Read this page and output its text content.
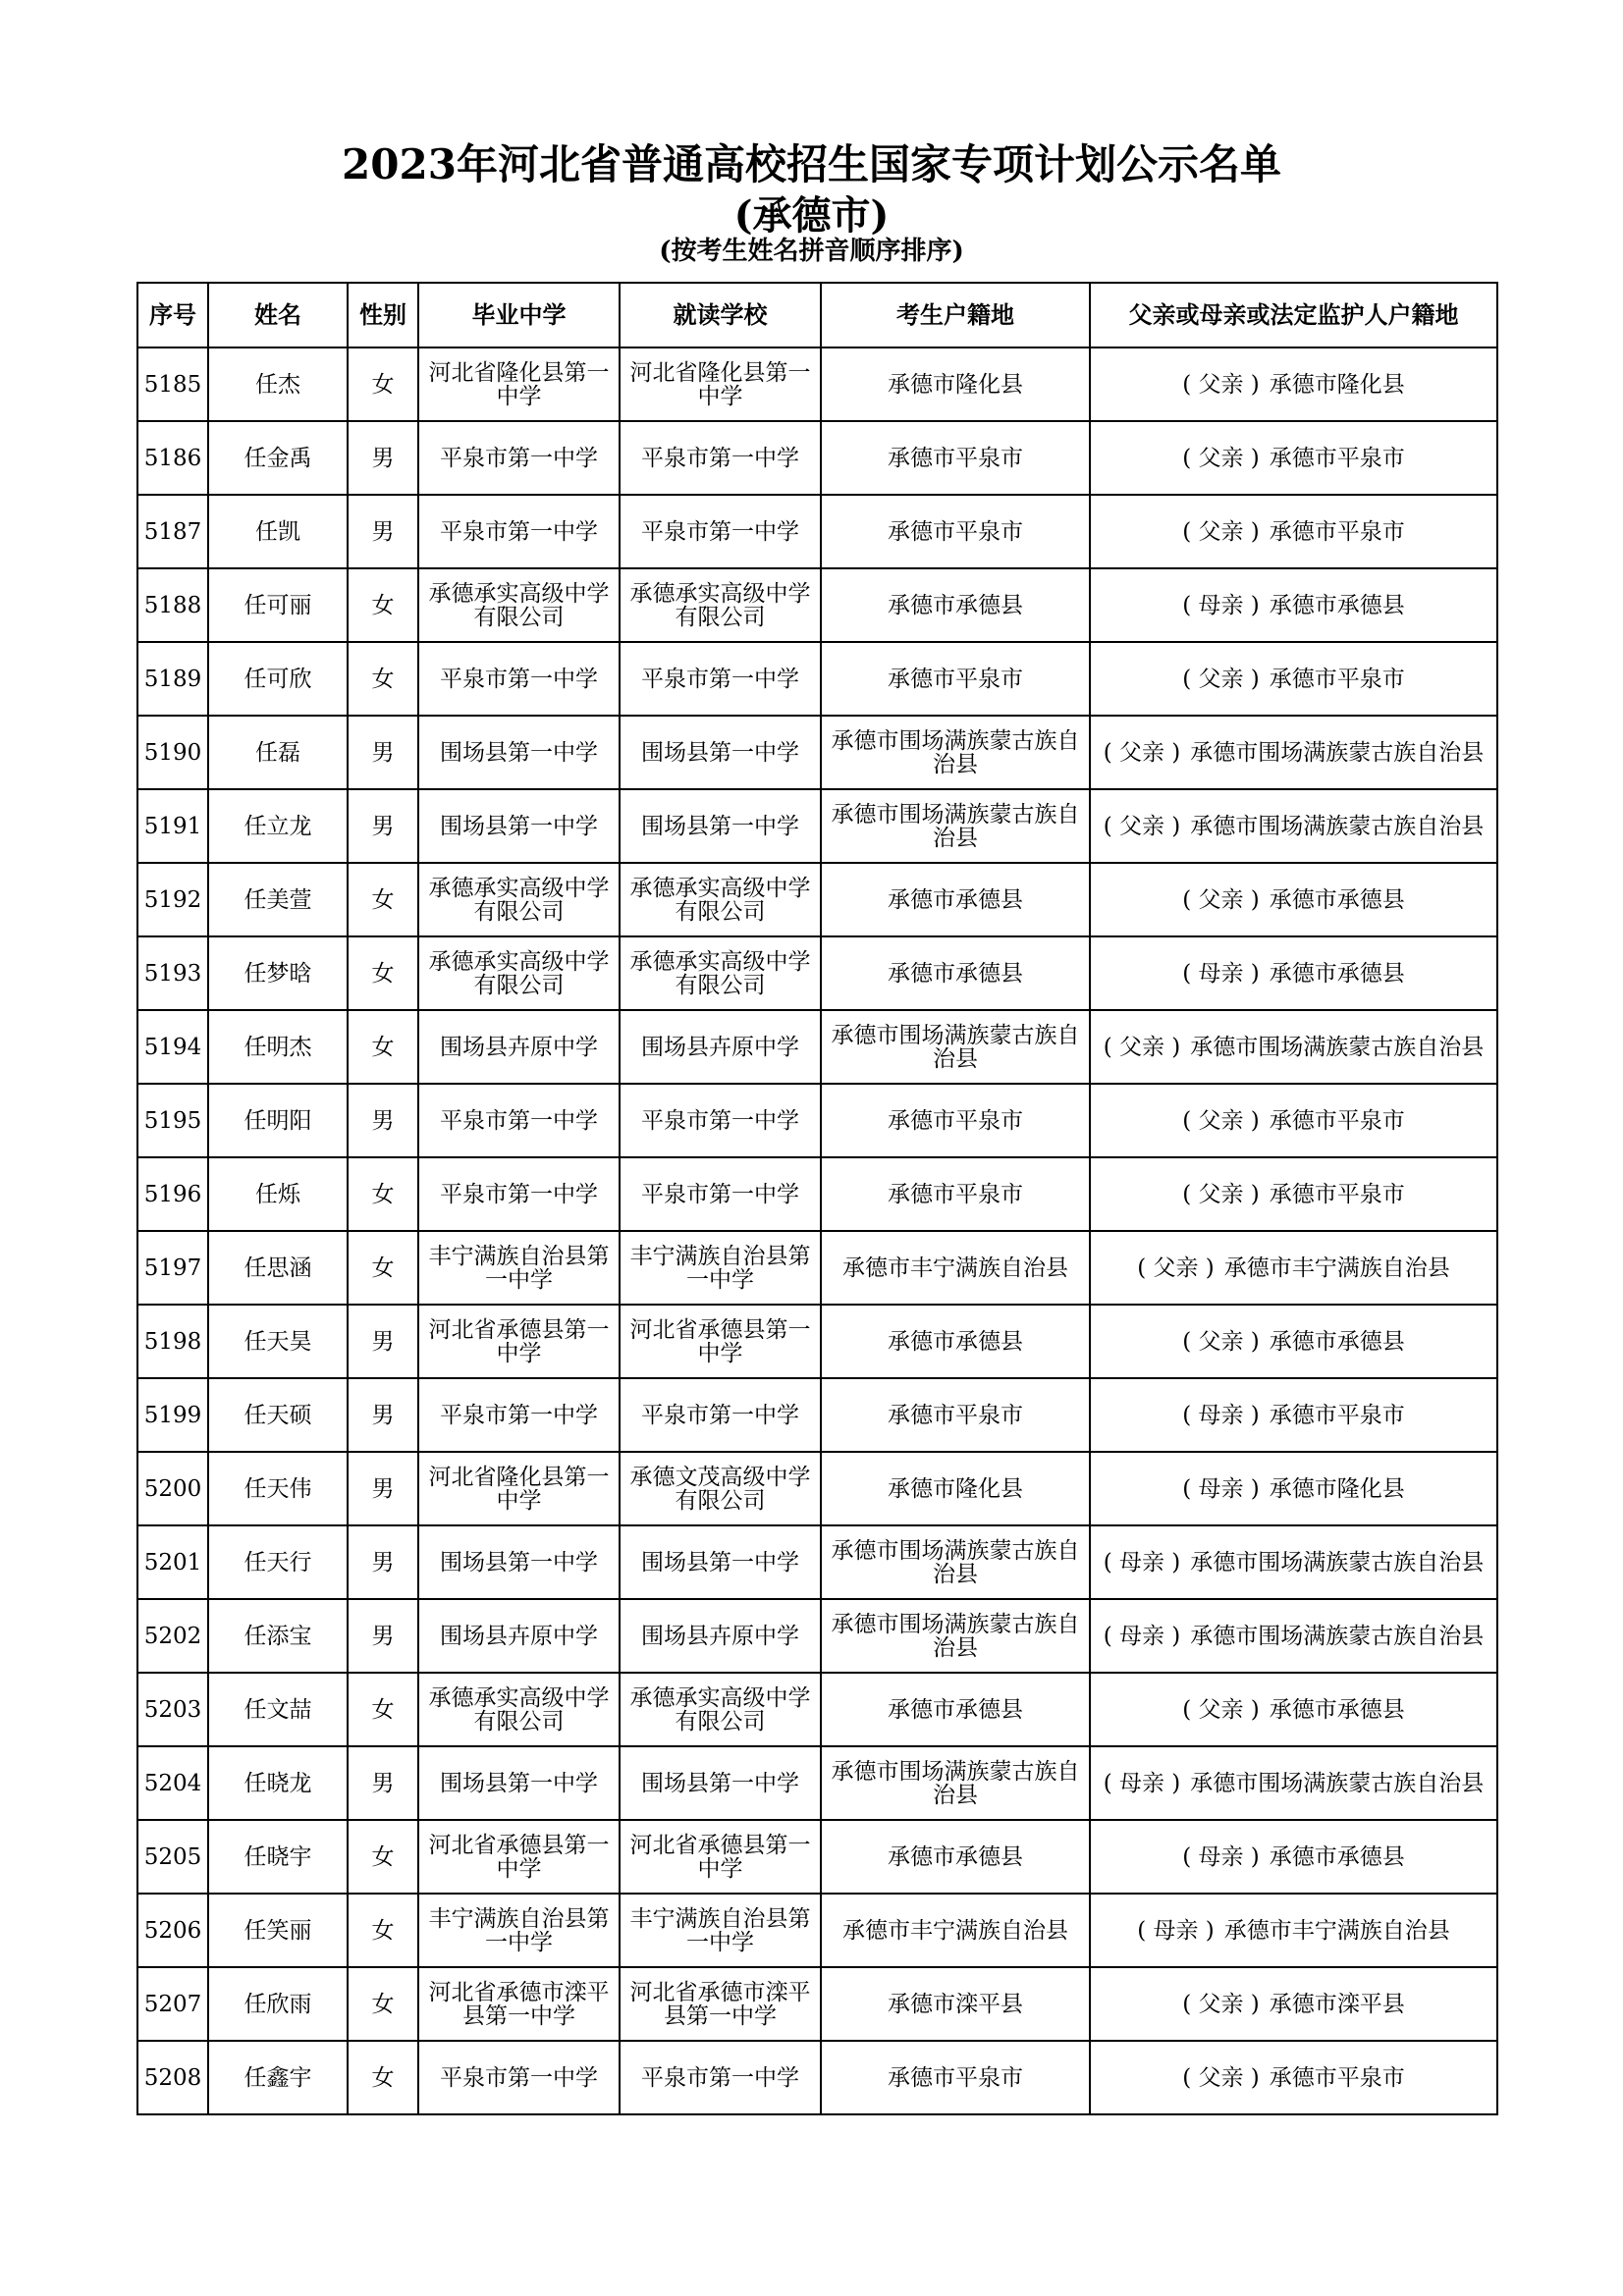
2023年河北省普通高校招生国家专项计划公示名单
(承德市)
(按考生姓名拼音顺序排序)
序号	姓名	性别	毕业中学	就读学校	考生户籍地	父亲或母亲或法定监护人户籍地
5185	任杰	女	河北省隆化县第一中学	河北省隆化县第一中学	承德市隆化县	( 父亲 ) 承德市隆化县
5186	任金禹	男	平泉市第一中学	平泉市第一中学	承德市平泉市	( 父亲 ) 承德市平泉市
5187	任凯	男	平泉市第一中学	平泉市第一中学	承德市平泉市	( 父亲 ) 承德市平泉市
5188	任可丽	女	承德承实高级中学有限公司	承德承实高级中学有限公司	承德市承德县	( 母亲 ) 承德市承德县
5189	任可欣	女	平泉市第一中学	平泉市第一中学	承德市平泉市	( 父亲 ) 承德市平泉市
5190	任磊	男	围场县第一中学	围场县第一中学	承德市围场满族蒙古族自治县	( 父亲 ) 承德市围场满族蒙古族自治县
5191	任立龙	男	围场县第一中学	围场县第一中学	承德市围场满族蒙古族自治县	( 父亲 ) 承德市围场满族蒙古族自治县
5192	任美萱	女	承德承实高级中学有限公司	承德承实高级中学有限公司	承德市承德县	( 父亲 ) 承德市承德县
5193	任梦晗	女	承德承实高级中学有限公司	承德承实高级中学有限公司	承德市承德县	( 母亲 ) 承德市承德县
5194	任明杰	女	围场县卉原中学	围场县卉原中学	承德市围场满族蒙古族自治县	( 父亲 ) 承德市围场满族蒙古族自治县
5195	任明阳	男	平泉市第一中学	平泉市第一中学	承德市平泉市	( 父亲 ) 承德市平泉市
5196	任烁	女	平泉市第一中学	平泉市第一中学	承德市平泉市	( 父亲 ) 承德市平泉市
5197	任思涵	女	丰宁满族自治县第一中学	丰宁满族自治县第一中学	承德市丰宁满族自治县	( 父亲 ) 承德市丰宁满族自治县
5198	任天昊	男	河北省承德县第一中学	河北省承德县第一中学	承德市承德县	( 父亲 ) 承德市承德县
5199	任天硕	男	平泉市第一中学	平泉市第一中学	承德市平泉市	( 母亲 ) 承德市平泉市
5200	任天伟	男	河北省隆化县第一中学	承德文茂高级中学有限公司	承德市隆化县	( 母亲 ) 承德市隆化县
5201	任天行	男	围场县第一中学	围场县第一中学	承德市围场满族蒙古族自治县	( 母亲 ) 承德市围场满族蒙古族自治县
5202	任添宝	男	围场县卉原中学	围场县卉原中学	承德市围场满族蒙古族自治县	( 母亲 ) 承德市围场满族蒙古族自治县
5203	任文喆	女	承德承实高级中学有限公司	承德承实高级中学有限公司	承德市承德县	( 父亲 ) 承德市承德县
5204	任晓龙	男	围场县第一中学	围场县第一中学	承德市围场满族蒙古族自治县	( 母亲 ) 承德市围场满族蒙古族自治县
5205	任晓宇	女	河北省承德县第一中学	河北省承德县第一中学	承德市承德县	( 母亲 ) 承德市承德县
5206	任笑丽	女	丰宁满族自治县第一中学	丰宁满族自治县第一中学	承德市丰宁满族自治县	( 母亲 ) 承德市丰宁满族自治县
5207	任欣雨	女	河北省承德市滦平县第一中学	河北省承德市滦平县第一中学	承德市滦平县	( 父亲 ) 承德市滦平县
5208	任鑫宇	女	平泉市第一中学	平泉市第一中学	承德市平泉市	( 父亲 ) 承德市平泉市
